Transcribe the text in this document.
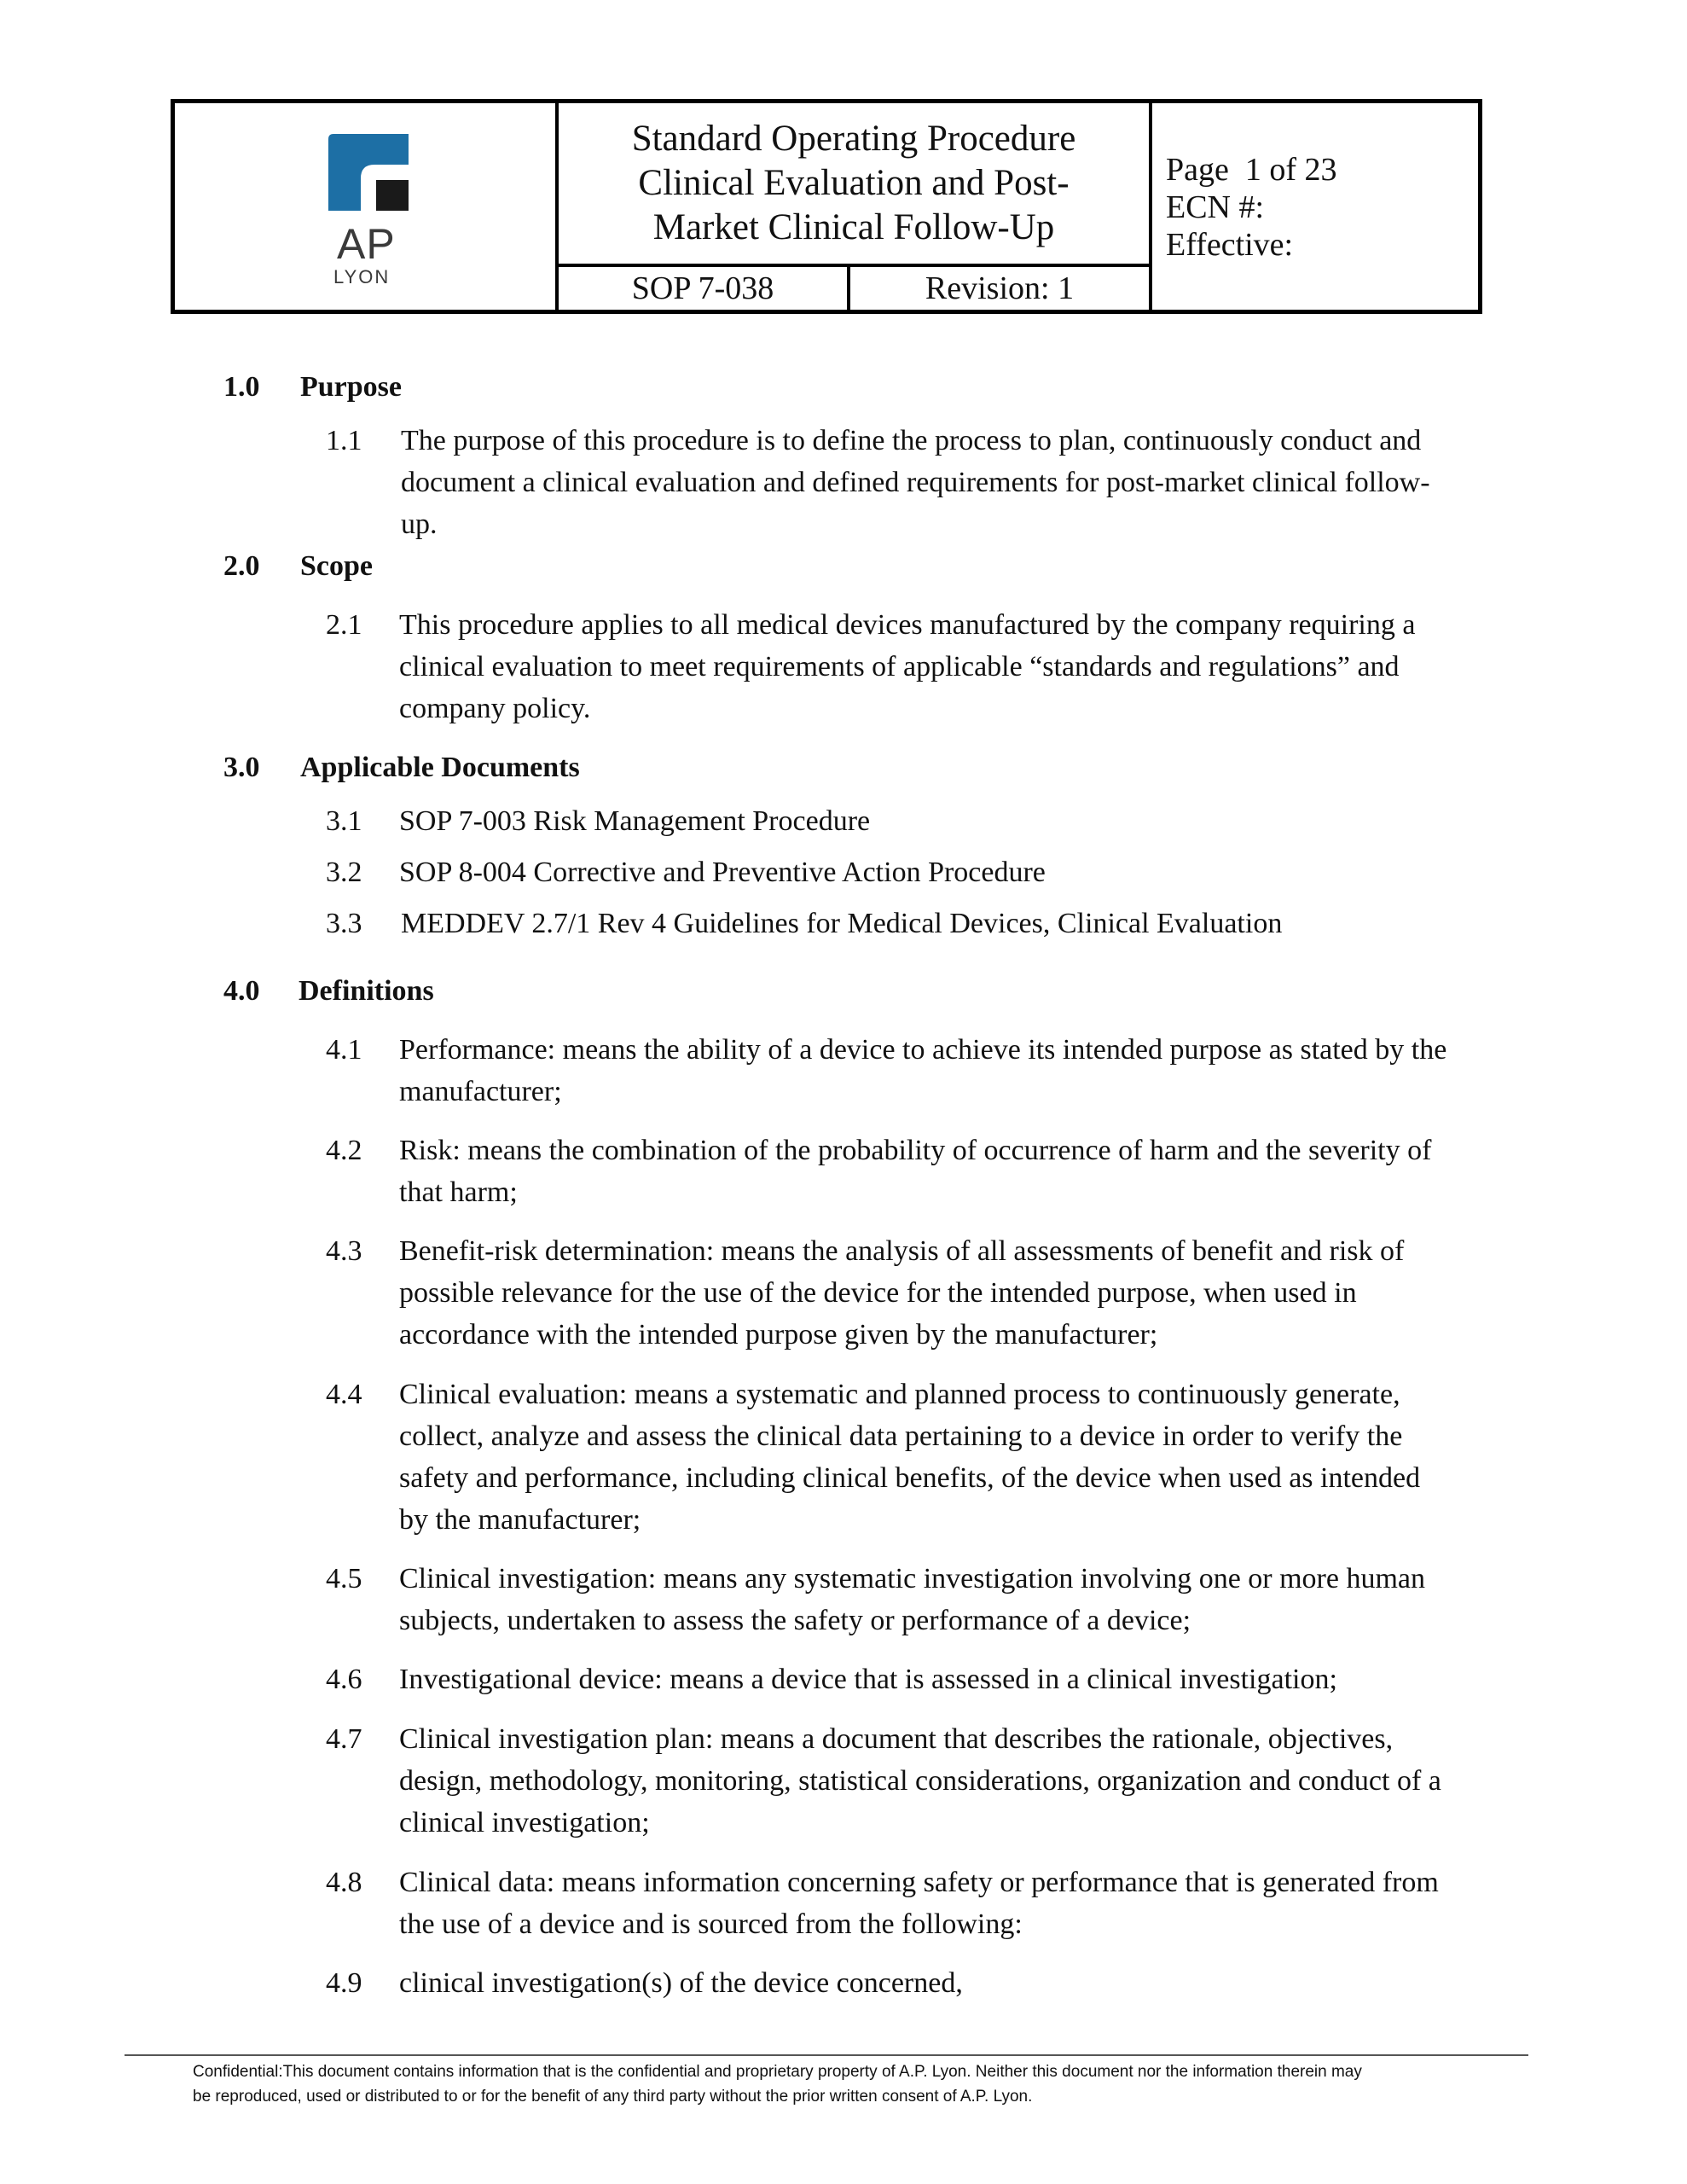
AP
LYON
Standard Operating Procedure
Clinical Evaluation and Post-
Market Clinical Follow-Up
SOP 7-038	Revision: 1
Page  1 of 23
ECN #:
Effective:
1.0 Purpose
1.1 The purpose of this procedure is to define the process to plan, continuously conduct and document a clinical evaluation and defined requirements for post-market clinical follow-up.
2.0 Scope
2.1 This procedure applies to all medical devices manufactured by the company requiring a clinical evaluation to meet requirements of applicable “standards and regulations” and company policy.
3.0 Applicable Documents
3.1 SOP 7-003 Risk Management Procedure
3.2 SOP 8-004 Corrective and Preventive Action Procedure
3.3 MEDDEV 2.7/1 Rev 4 Guidelines for Medical Devices, Clinical Evaluation
4.0 Definitions
4.1 Performance: means the ability of a device to achieve its intended purpose as stated by the manufacturer;
4.2 Risk: means the combination of the probability of occurrence of harm and the severity of that harm;
4.3 Benefit-risk determination: means the analysis of all assessments of benefit and risk of possible relevance for the use of the device for the intended purpose, when used in accordance with the intended purpose given by the manufacturer;
4.4 Clinical evaluation: means a systematic and planned process to continuously generate, collect, analyze and assess the clinical data pertaining to a device in order to verify the safety and performance, including clinical benefits, of the device when used as intended by the manufacturer;
4.5 Clinical investigation: means any systematic investigation involving one or more human subjects, undertaken to assess the safety or performance of a device;
4.6 Investigational device: means a device that is assessed in a clinical investigation;
4.7 Clinical investigation plan: means a document that describes the rationale, objectives, design, methodology, monitoring, statistical considerations, organization and conduct of a clinical investigation;
4.8 Clinical data: means information concerning safety or performance that is generated from the use of a device and is sourced from the following:
4.9 clinical investigation(s) of the device concerned,
Confidential:This document contains information that is the confidential and proprietary property of A.P. Lyon. Neither this document nor the information therein may
be reproduced, used or distributed to or for the benefit of any third party without the prior written consent of A.P. Lyon.
